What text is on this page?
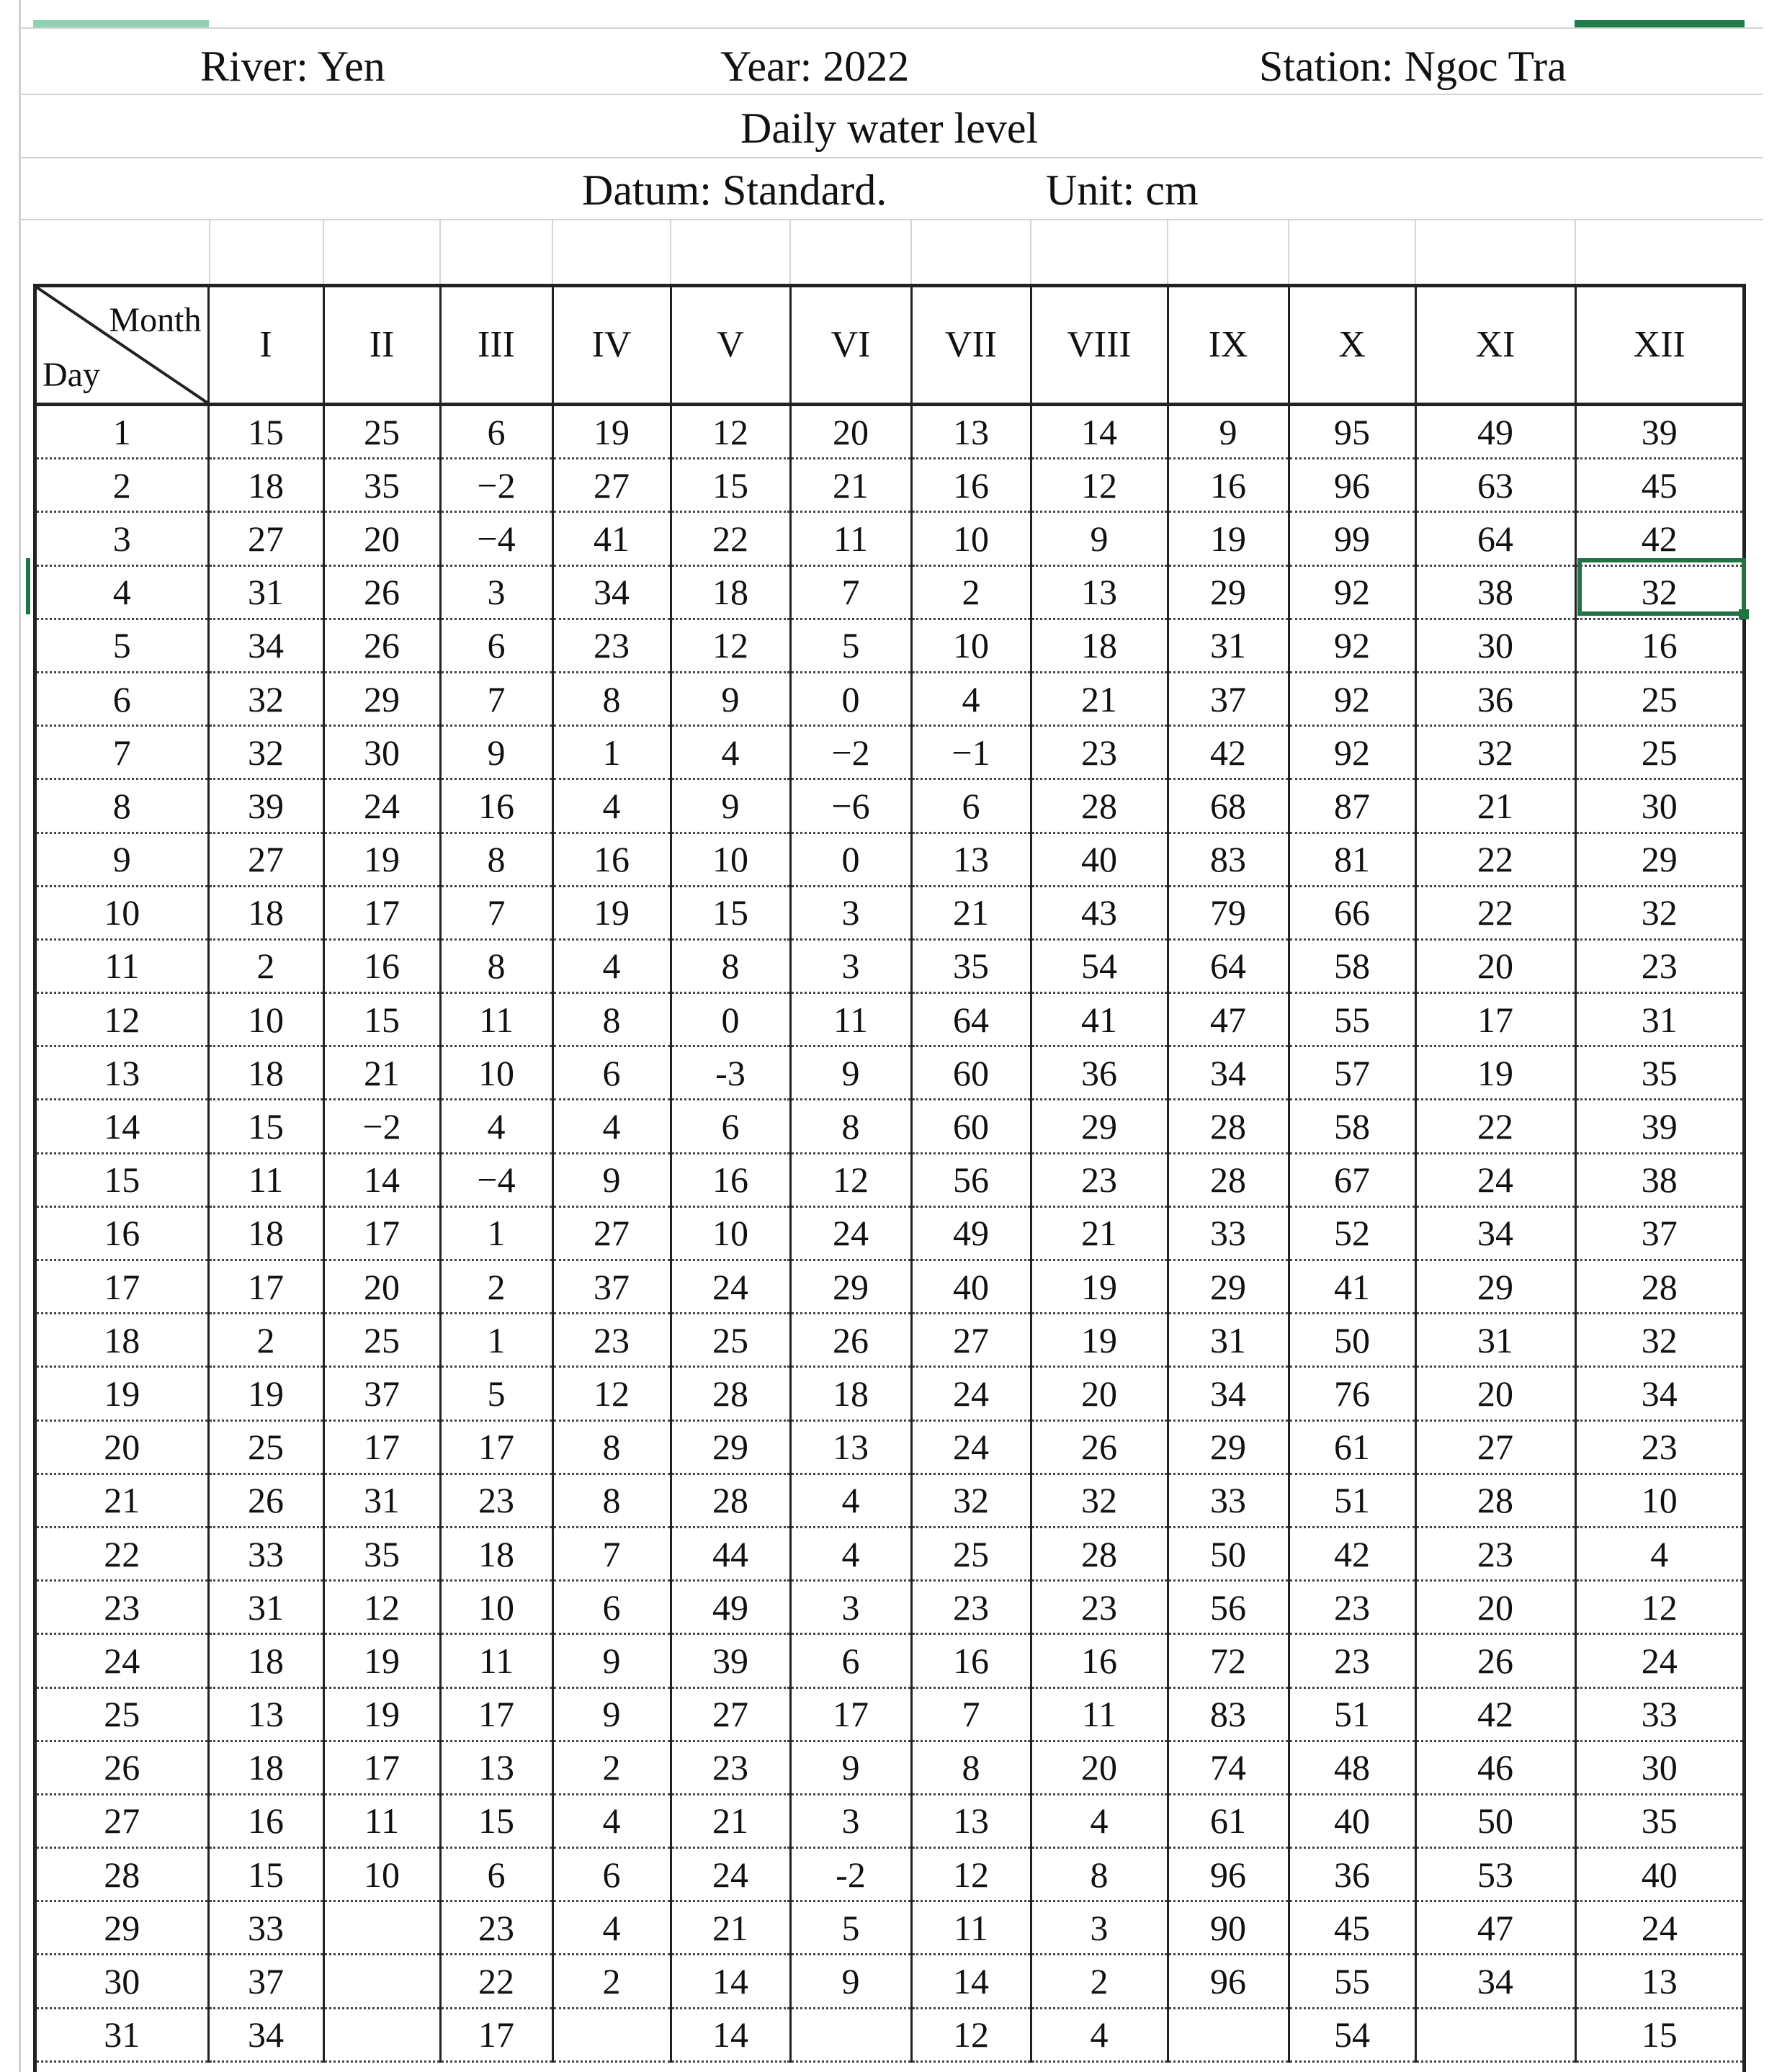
River: Yen	Year: 2022	Station: Ngoc Tra
Daily water level
Datum: Standard.	Unit: cm
Month
Day	I	II	III	IV	V	VI	VII	VIII	IX	X	XI	XII
1	15	25	6	19	12	20	13	14	9	95	49	39
2	18	35	−2	27	15	21	16	12	16	96	63	45
3	27	20	−4	41	22	11	10	9	19	99	64	42
4	31	26	3	34	18	7	2	13	29	92	38	32
5	34	26	6	23	12	5	10	18	31	92	30	16
6	32	29	7	8	9	0	4	21	37	92	36	25
7	32	30	9	1	4	−2	−1	23	42	92	32	25
8	39	24	16	4	9	−6	6	28	68	87	21	30
9	27	19	8	16	10	0	13	40	83	81	22	29
10	18	17	7	19	15	3	21	43	79	66	22	32
11	2	16	8	4	8	3	35	54	64	58	20	23
12	10	15	11	8	0	11	64	41	47	55	17	31
13	18	21	10	6	-3	9	60	36	34	57	19	35
14	15	−2	4	4	6	8	60	29	28	58	22	39
15	11	14	−4	9	16	12	56	23	28	67	24	38
16	18	17	1	27	10	24	49	21	33	52	34	37
17	17	20	2	37	24	29	40	19	29	41	29	28
18	2	25	1	23	25	26	27	19	31	50	31	32
19	19	37	5	12	28	18	24	20	34	76	20	34
20	25	17	17	8	29	13	24	26	29	61	27	23
21	26	31	23	8	28	4	32	32	33	51	28	10
22	33	35	18	7	44	4	25	28	50	42	23	4
23	31	12	10	6	49	3	23	23	56	23	20	12
24	18	19	11	9	39	6	16	16	72	23	26	24
25	13	19	17	9	27	17	7	11	83	51	42	33
26	18	17	13	2	23	9	8	20	74	48	46	30
27	16	11	15	4	21	3	13	4	61	40	50	35
28	15	10	6	6	24	-2	12	8	96	36	53	40
29	33		23	4	21	5	11	3	90	45	47	24
30	37		22	2	14	9	14	2	96	55	34	13
31	34		17		14		12	4		54		15
